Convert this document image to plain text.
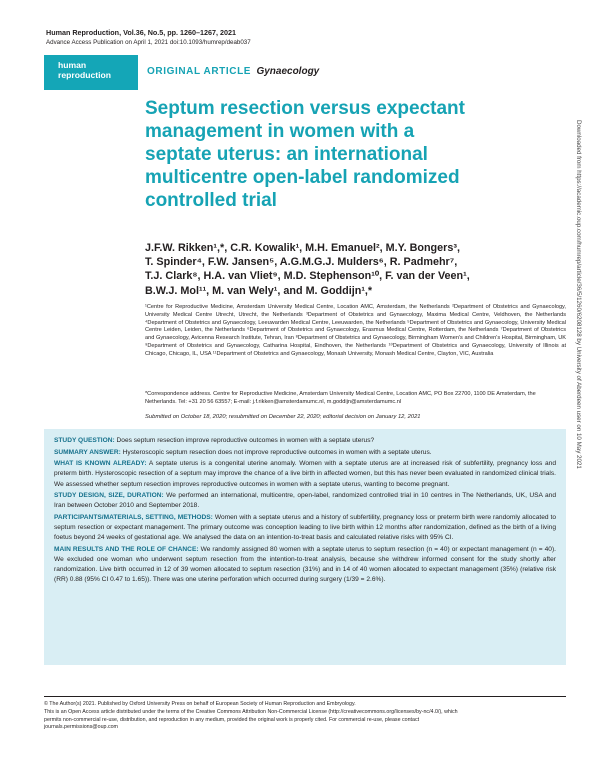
Human Reproduction, Vol.36, No.5, pp. 1260–1267, 2021
Advance Access Publication on April 1, 2021 doi:10.1093/humrep/deab037
human
reproduction	ORIGINAL ARTICLE Gynaecology
Septum resection versus expectant
management in women with a
septate uterus: an international
multicentre open-label randomized
controlled trial
J.F.W. Rikken¹,*, C.R. Kowalik¹, M.H. Emanuel², M.Y. Bongers³,
T. Spinder⁴, F.W. Jansen⁵, A.G.M.G.J. Mulders⁶, R. Padmehr⁷,
T.J. Clark⁸, H.A. van Vliet⁹, M.D. Stephenson¹⁰, F. van der Veen¹,
B.W.J. Mol¹¹, M. van Wely¹, and M. Goddijn¹,*
¹Centre for Reproductive Medicine, Amsterdam University Medical Centre, Location AMC, Amsterdam, the Netherlands ²Department of Obstetrics and Gynaecology, University Medical Centre Utrecht, Utrecht, the Netherlands ³Department of Obstetrics and Gynaecology, Maxima Medical Centre, Veldhoven, the Netherlands ⁴Department of Obstetrics and Gynaecology, Leeuwarden Medical Centre, Leeuwarden, the Netherlands ⁵Department of Obstetrics and Gynaecology, University Medical Centre Leiden, Leiden, the Netherlands ⁶Department of Obstetrics and Gynaecology, Erasmus Medical Centre, Rotterdam, the Netherlands ⁷Department of Obstetrics and Gynaecology, Avicenna Research Institute, Tehran, Iran ⁸Department of Obstetrics and Gynaecology, Birmingham Women's and Children's Hospital, Birmingham, UK ⁹Department of Obstetrics and Gynaecology, Catharina Hospital, Eindhoven, the Netherlands ¹⁰Department of Obstetrics and Gynaecology, University of Illinois at Chicago, Chicago, IL, USA ¹¹Department of Obstetrics and Gynaecology, Monash University, Monash Medical Centre, Clayton, VIC, Australia
*Correspondence address. Centre for Reproductive Medicine, Amsterdam University Medical Centre, Location AMC, PO Box 22700, 1100 DE Amsterdam, the Netherlands. Tel: +31 20 56 63557; E-mail: j.f.rikken@amsterdamumc.nl, m.goddijn@amsterdamumc.nl
Submitted on October 18, 2020; resubmitted on December 22, 2020; editorial decision on January 12, 2021
STUDY QUESTION: Does septum resection improve reproductive outcomes in women with a septate uterus?
SUMMARY ANSWER: Hysteroscopic septum resection does not improve reproductive outcomes in women with a septate uterus.
WHAT IS KNOWN ALREADY: A septate uterus is a congenital uterine anomaly. Women with a septate uterus are at increased risk of subfertility, pregnancy loss and preterm birth. Hysteroscopic resection of a septum may improve the chance of a live birth in affected women, but this has never been evaluated in randomized clinical trials. We assessed whether septum resection improves reproductive outcomes in women with a septate uterus, wanting to become pregnant.
STUDY DESIGN, SIZE, DURATION: We performed an international, multicentre, open-label, randomized controlled trial in 10 centres in The Netherlands, UK, USA and Iran between October 2010 and September 2018.
PARTICIPANTS/MATERIALS, SETTING, METHODS: Women with a septate uterus and a history of subfertility, pregnancy loss or preterm birth were randomly allocated to septum resection or expectant management. The primary outcome was conception leading to live birth within 12 months after randomization, defined as the birth of a living foetus beyond 24 weeks of gestational age. We analysed the data on an intention-to-treat basis and calculated relative risks with 95% CI.
MAIN RESULTS AND THE ROLE OF CHANCE: We randomly assigned 80 women with a septate uterus to septum resection (n = 40) or expectant management (n = 40). We excluded one woman who underwent septum resection from the intention-to-treat analysis, because she withdrew informed consent for the study shortly after randomization. Live birth occurred in 12 of 39 women allocated to septum resection (31%) and in 14 of 40 women allocated to expectant management (35%) (relative risk (RR) 0.88 (95% CI 0.47 to 1.65)). There was one uterine perforation which occurred during surgery (1/39 = 2.6%).
© The Author(s) 2021. Published by Oxford University Press on behalf of European Society of Human Reproduction and Embryology.
This is an Open Access article distributed under the terms of the Creative Commons Attribution Non-Commercial License (http://creativecommons.org/licenses/by-nc/4.0/), which
permits non-commercial re-use, distribution, and reproduction in any medium, provided the original work is properly cited. For commercial re-use, please contact
journals.permissions@oup.com
Downloaded from https://academic.oup.com/humrep/article/36/5/1260/6208128 by University of Aberdeen user on 10 May 2021
